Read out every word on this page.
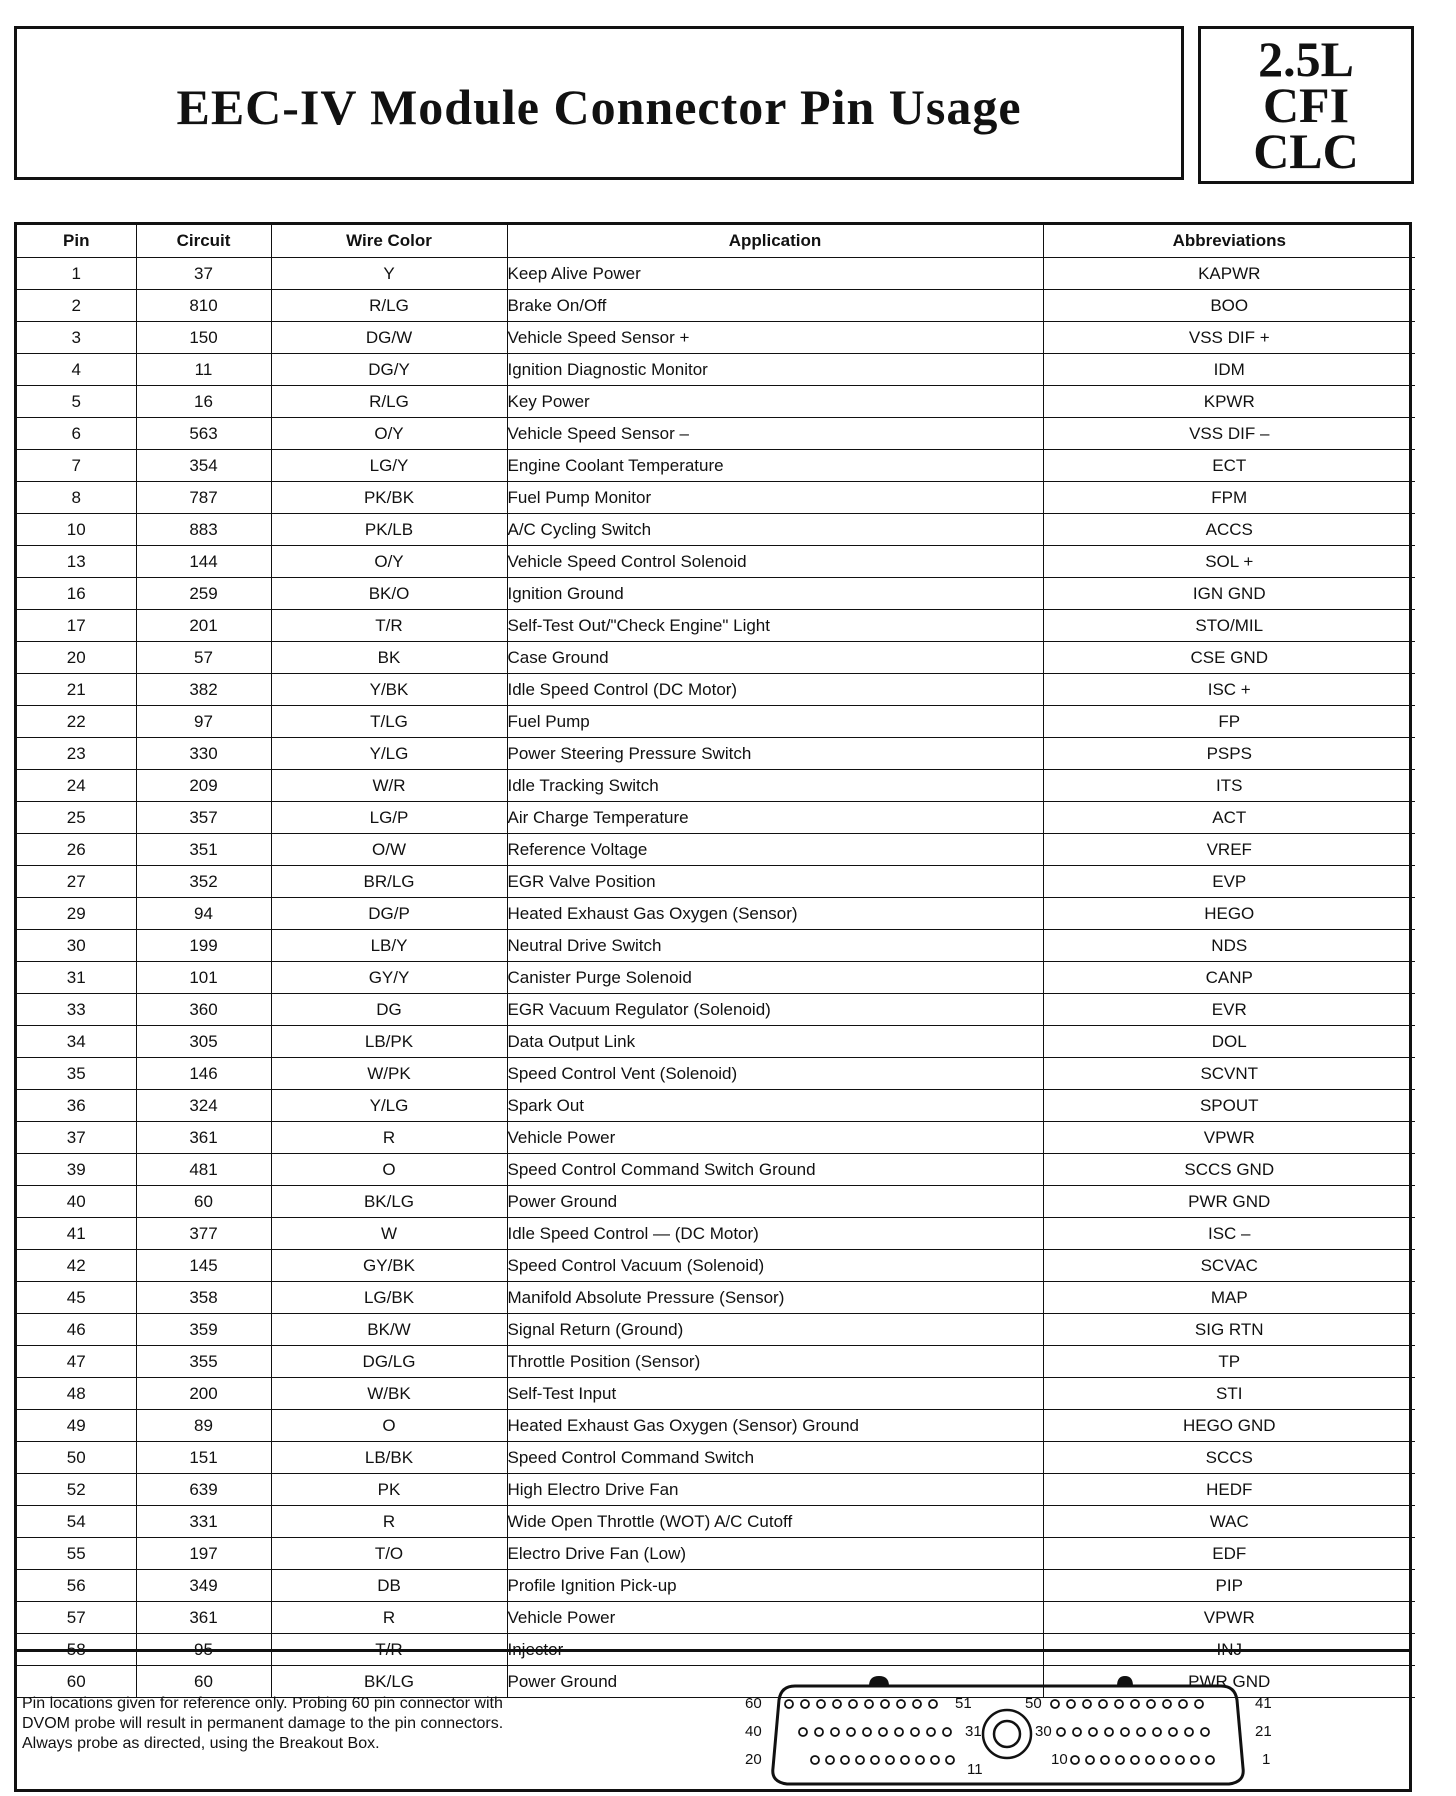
EEC-IV Module Connector Pin Usage
2.5L
CFI
CLC
Pin	Circuit	Wire Color	Application	Abbreviations
1	37	Y	Keep Alive Power	KAPWR
2	810	R/LG	Brake On/Off	BOO
3	150	DG/W	Vehicle Speed Sensor +	VSS DIF +
4	11	DG/Y	Ignition Diagnostic Monitor	IDM
5	16	R/LG	Key Power	KPWR
6	563	O/Y	Vehicle Speed Sensor –	VSS DIF –
7	354	LG/Y	Engine Coolant Temperature	ECT
8	787	PK/BK	Fuel Pump Monitor	FPM
10	883	PK/LB	A/C Cycling Switch	ACCS
13	144	O/Y	Vehicle Speed Control Solenoid	SOL +
16	259	BK/O	Ignition Ground	IGN GND
17	201	T/R	Self-Test Out/"Check Engine" Light	STO/MIL
20	57	BK	Case Ground	CSE GND
21	382	Y/BK	Idle Speed Control (DC Motor)	ISC +
22	97	T/LG	Fuel Pump	FP
23	330	Y/LG	Power Steering Pressure Switch	PSPS
24	209	W/R	Idle Tracking Switch	ITS
25	357	LG/P	Air Charge Temperature	ACT
26	351	O/W	Reference Voltage	VREF
27	352	BR/LG	EGR Valve Position	EVP
29	94	DG/P	Heated Exhaust Gas Oxygen (Sensor)	HEGO
30	199	LB/Y	Neutral Drive Switch	NDS
31	101	GY/Y	Canister Purge Solenoid	CANP
33	360	DG	EGR Vacuum Regulator (Solenoid)	EVR
34	305	LB/PK	Data Output Link	DOL
35	146	W/PK	Speed Control Vent (Solenoid)	SCVNT
36	324	Y/LG	Spark Out	SPOUT
37	361	R	Vehicle Power	VPWR
39	481	O	Speed Control Command Switch Ground	SCCS GND
40	60	BK/LG	Power Ground	PWR GND
41	377	W	Idle Speed Control — (DC Motor)	ISC –
42	145	GY/BK	Speed Control Vacuum (Solenoid)	SCVAC
45	358	LG/BK	Manifold Absolute Pressure (Sensor)	MAP
46	359	BK/W	Signal Return (Ground)	SIG RTN
47	355	DG/LG	Throttle Position (Sensor)	TP
48	200	W/BK	Self-Test Input	STI
49	89	O	Heated Exhaust Gas Oxygen (Sensor) Ground	HEGO GND
50	151	LB/BK	Speed Control Command Switch	SCCS
52	639	PK	High Electro Drive Fan	HEDF
54	331	R	Wide Open Throttle (WOT) A/C Cutoff	WAC
55	197	T/O	Electro Drive Fan (Low)	EDF
56	349	DB	Profile Ignition Pick-up	PIP
57	361	R	Vehicle Power	VPWR
58	95	T/R	Injector	INJ
60	60	BK/LG	Power Ground	PWR GND
Pin locations given for reference only. Probing 60 pin connector with
DVOM probe will result in permanent damage to the pin connectors.
Always probe as directed, using the Breakout Box.
60
40
20
41
21
1
51
31
11
50
30
10
